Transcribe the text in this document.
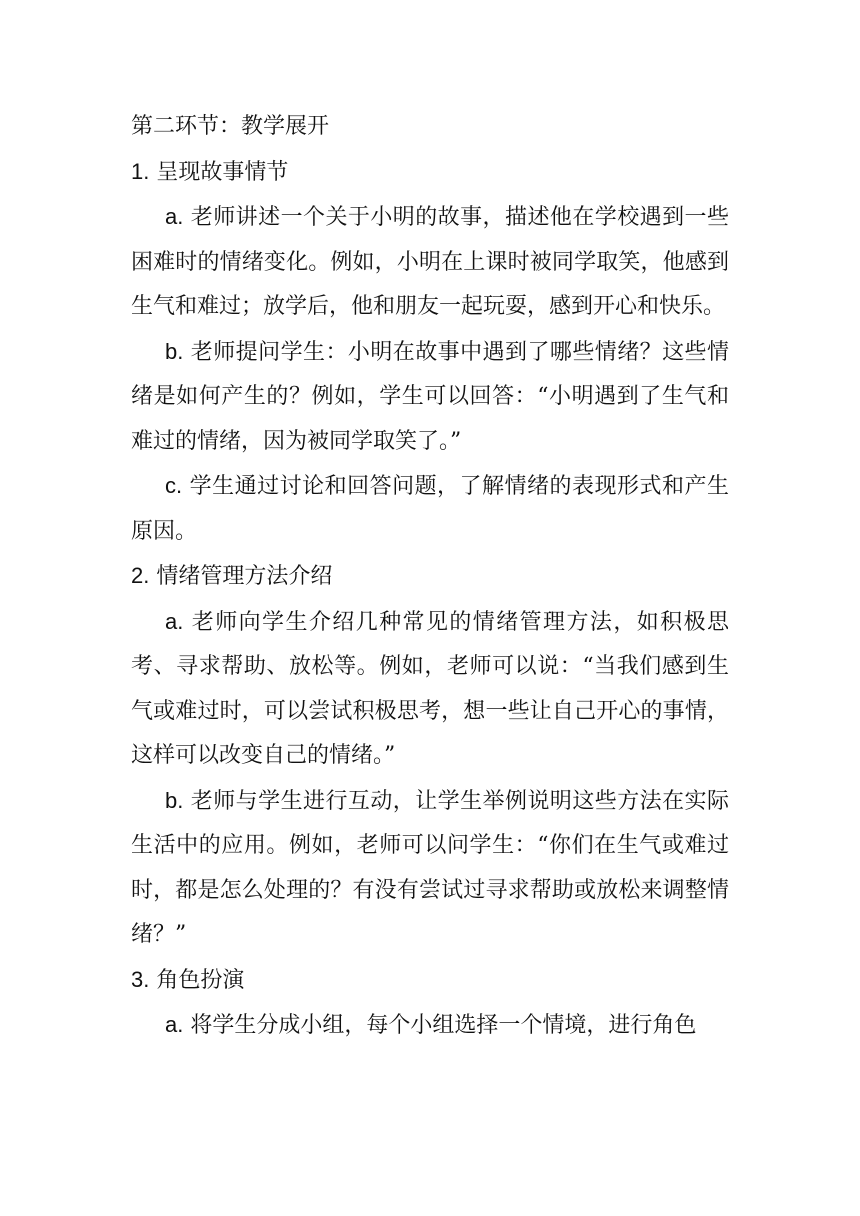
第二环节：教学展开

1. 呈现故事情节

a. 老师讲述一个关于小明的故事，描述他在学校遇到一些困难时的情绪变化。例如，小明在上课时被同学取笑，他感到生气和难过；放学后，他和朋友一起玩耍，感到开心和快乐。

b. 老师提问学生：小明在故事中遇到了哪些情绪？这些情绪是如何产生的？例如，学生可以回答：“小明遇到了生气和难过的情绪，因为被同学取笑了。”

c. 学生通过讨论和回答问题，了解情绪的表现形式和产生原因。

2. 情绪管理方法介绍

a. 老师向学生介绍几种常见的情绪管理方法，如积极思考、寻求帮助、放松等。例如，老师可以说：“当我们感到生气或难过时，可以尝试积极思考，想一些让自己开心的事情，这样可以改变自己的情绪。”

b. 老师与学生进行互动，让学生举例说明这些方法在实际生活中的应用。例如，老师可以问学生：“你们在生气或难过时，都是怎么处理的？有没有尝试过寻求帮助或放松来调整情绪？”

3. 角色扮演

a. 将学生分成小组，每个小组选择一个情境，进行角色
